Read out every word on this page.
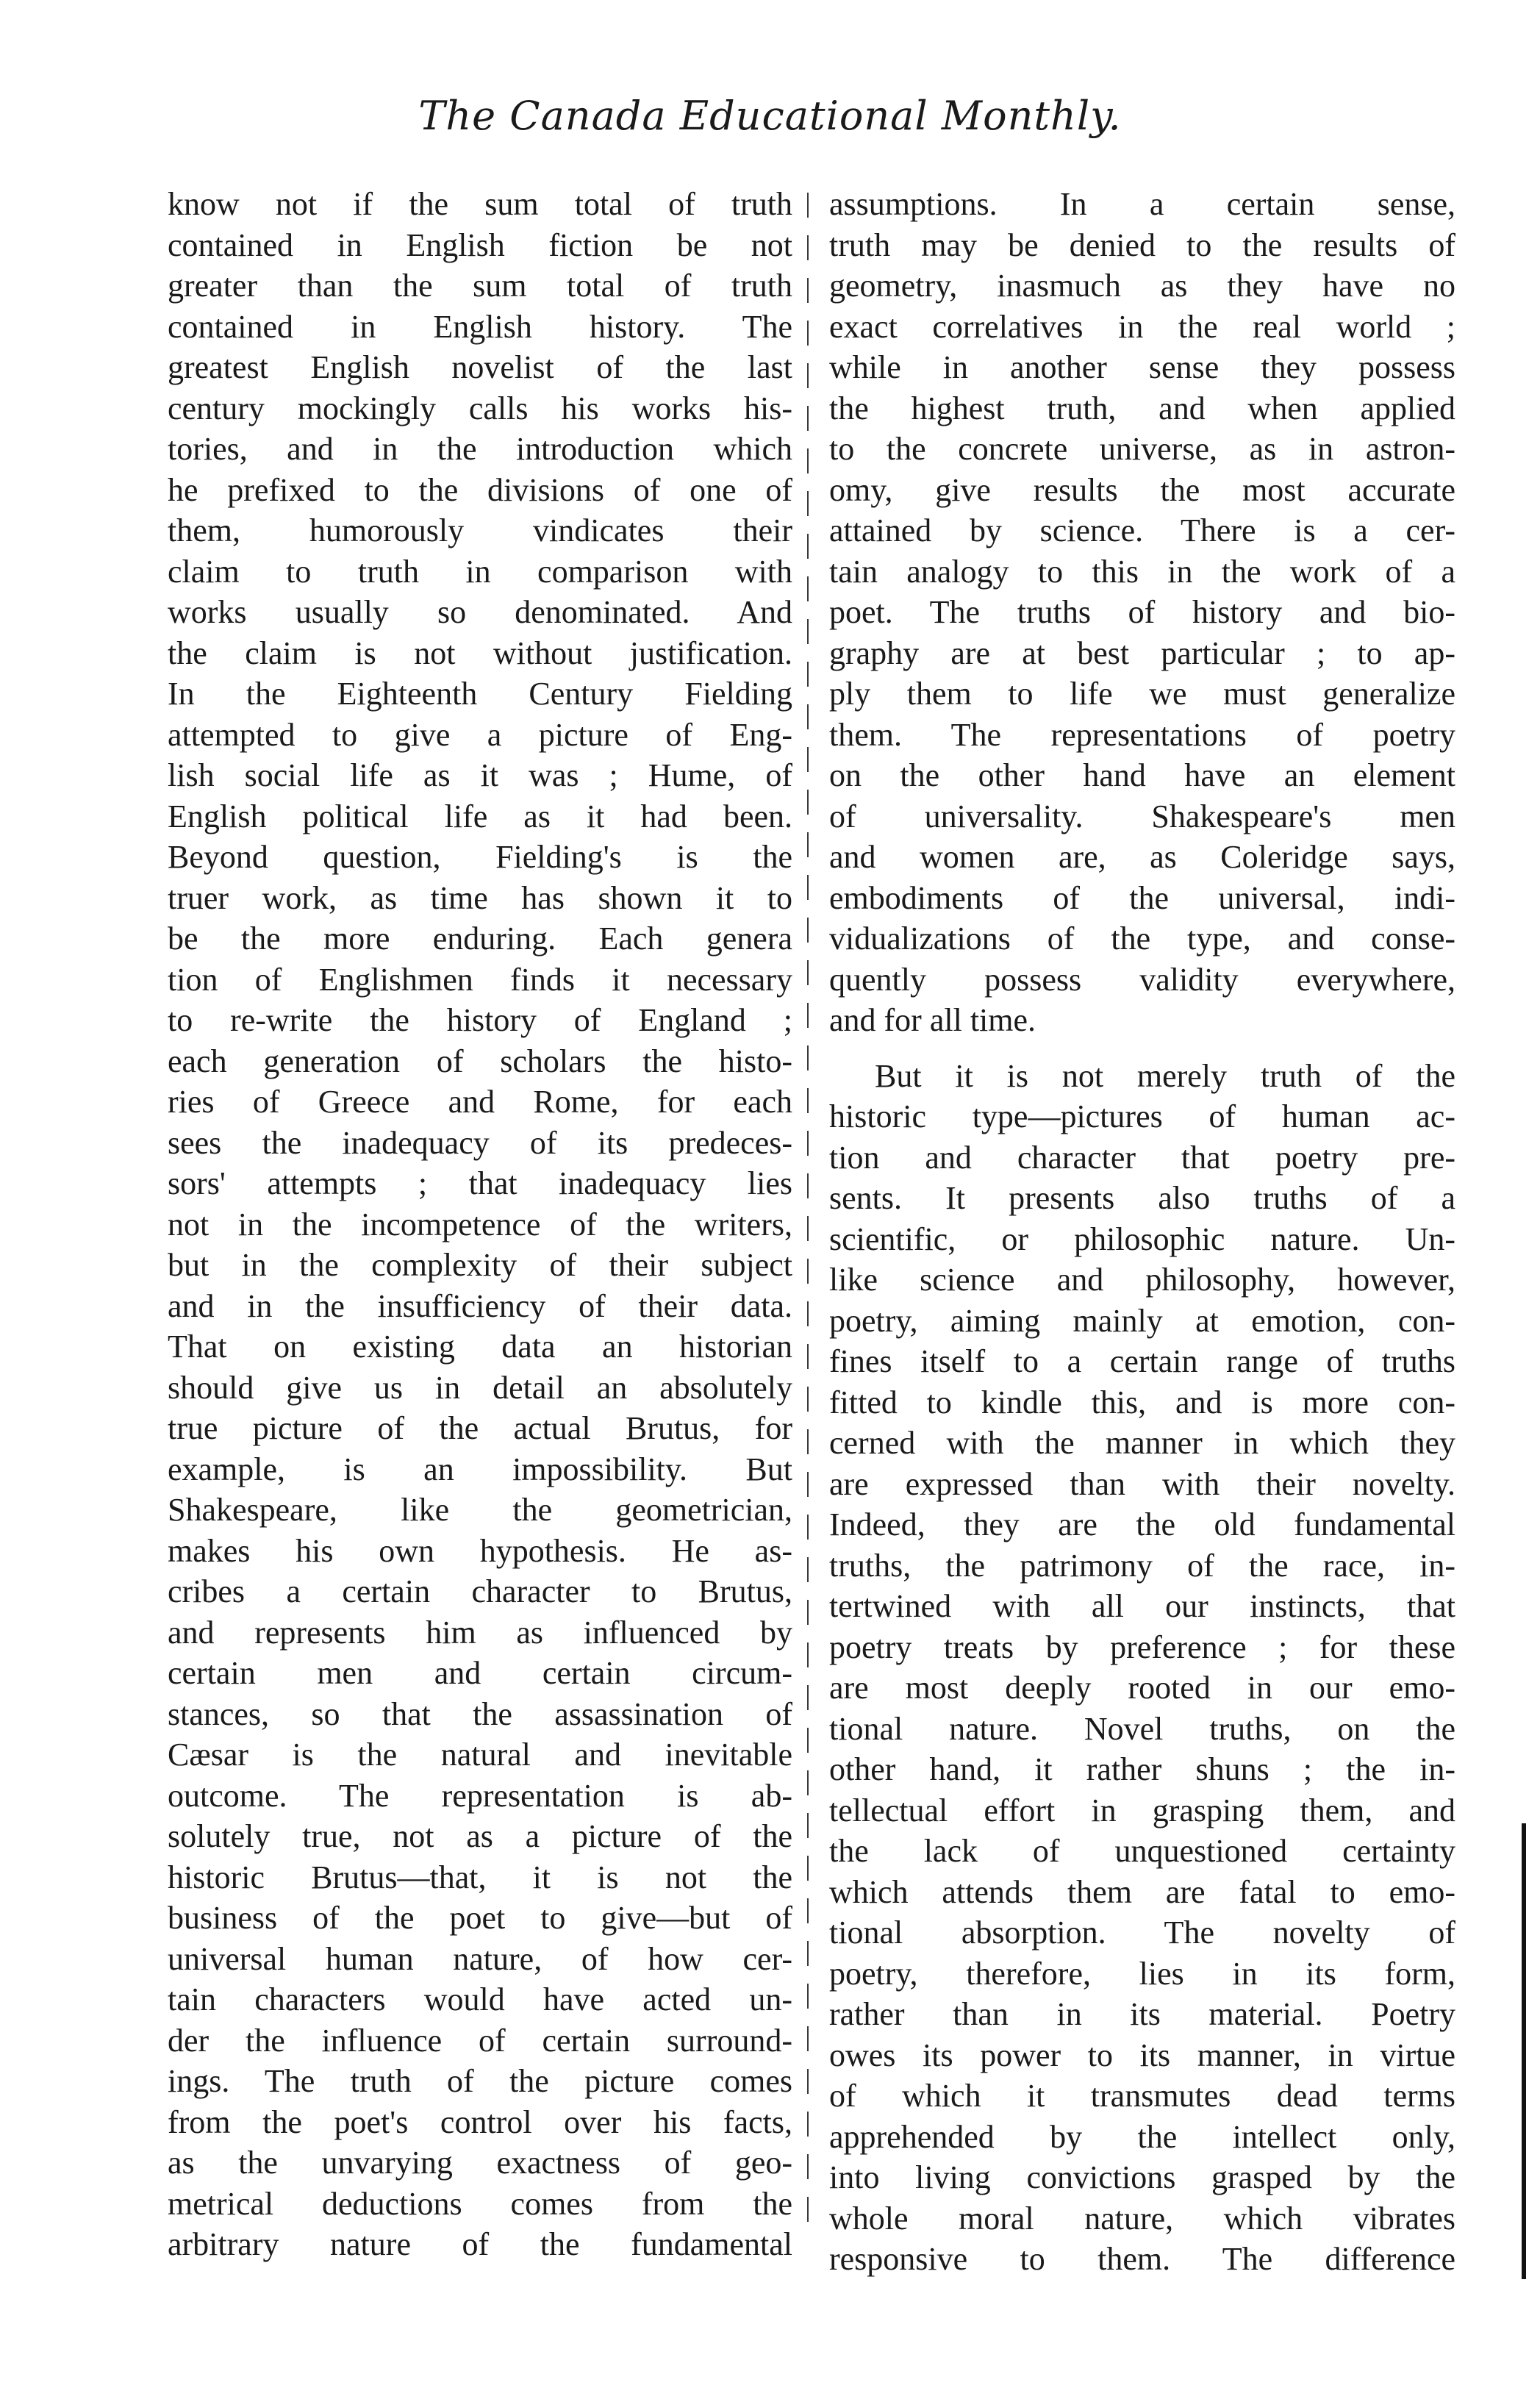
The Canada Educational Monthly.
know not if the sum total of truth
contained in English fiction be not
greater than the sum total of truth
contained in English history. The
greatest English novelist of the last
century mockingly calls his works his-
tories, and in the introduction which
he prefixed to the divisions of one of
them, humorously vindicates their
claim to truth in comparison with
works usually so denominated. And
the claim is not without justification.
In the Eighteenth Century Fielding
attempted to give a picture of Eng-
lish social life as it was ; Hume, of
English political life as it had been.
Beyond question, Fielding's is the
truer work, as time has shown it to
be the more enduring. Each genera
tion of Englishmen finds it necessary
to re-write the history of England ;
each generation of scholars the histo-
ries of Greece and Rome, for each
sees the inadequacy of its predeces-
sors' attempts ; that inadequacy lies
not in the incompetence of the writers,
but in the complexity of their subject
and in the insufficiency of their data.
That on existing data an historian
should give us in detail an absolutely
true picture of the actual Brutus, for
example, is an impossibility. But
Shakespeare, like the geometrician,
makes his own hypothesis. He as-
cribes a certain character to Brutus,
and represents him as influenced by
certain men and certain circum-
stances, so that the assassination of
Cæsar is the natural and inevitable
outcome. The representation is ab-
solutely true, not as a picture of the
historic Brutus—that, it is not the
business of the poet to give—but of
universal human nature, of how cer-
tain characters would have acted un-
der the influence of certain surround-
ings. The truth of the picture comes
from the poet's control over his facts,
as the unvarying exactness of geo-
metrical deductions comes from the
arbitrary nature of the fundamental
assumptions. In a certain sense,
truth may be denied to the results of
geometry, inasmuch as they have no
exact correlatives in the real world ;
while in another sense they possess
the highest truth, and when applied
to the concrete universe, as in astron-
omy, give results the most accurate
attained by science. There is a cer-
tain analogy to this in the work of a
poet. The truths of history and bio-
graphy are at best particular ; to ap-
ply them to life we must generalize
them. The representations of poetry
on the other hand have an element
of universality. Shakespeare's men
and women are, as Coleridge says,
embodiments of the universal, indi-
vidualizations of the type, and conse-
quently possess validity everywhere,
and for all time.
But it is not merely truth of the
historic type—pictures of human ac-
tion and character that poetry pre-
sents. It presents also truths of a
scientific, or philosophic nature. Un-
like science and philosophy, however,
poetry, aiming mainly at emotion, con-
fines itself to a certain range of truths
fitted to kindle this, and is more con-
cerned with the manner in which they
are expressed than with their novelty.
Indeed, they are the old fundamental
truths, the patrimony of the race, in-
tertwined with all our instincts, that
poetry treats by preference ; for these
are most deeply rooted in our emo-
tional nature. Novel truths, on the
other hand, it rather shuns ; the in-
tellectual effort in grasping them, and
the lack of unquestioned certainty
which attends them are fatal to emo-
tional absorption. The novelty of
poetry, therefore, lies in its form,
rather than in its material. Poetry
owes its power to its manner, in virtue
of which it transmutes dead terms
apprehended by the intellect only,
into living convictions grasped by the
whole moral nature, which vibrates
responsive to them. The difference
